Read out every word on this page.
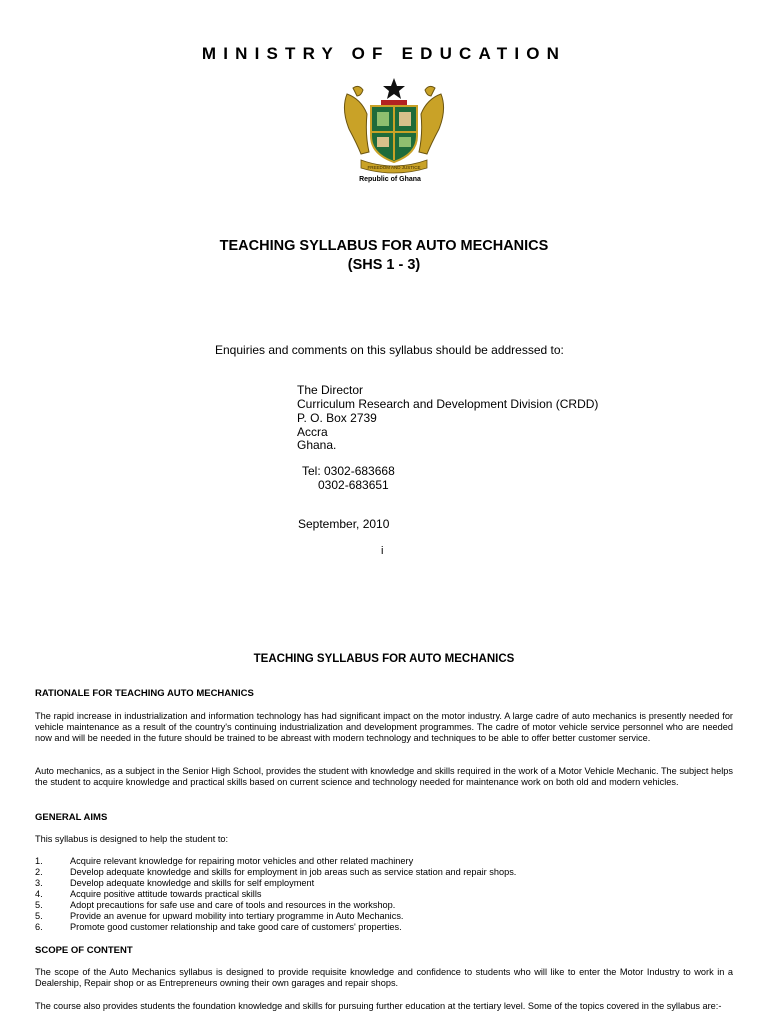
MINISTRY OF EDUCATION
FREEDOM AND JUSTICE
Republic of Ghana
TEACHING SYLLABUS FOR AUTO MECHANICS
(SHS 1 - 3)
Enquiries and comments on this syllabus should be addressed to:
The Director
Curriculum Research and Development Division (CRDD)
P. O. Box 2739
Accra
Ghana.
Tel: 0302-683668
0302-683651
September, 2010
i
TEACHING SYLLABUS FOR AUTO MECHANICS
RATIONALE FOR TEACHING AUTO MECHANICS
The rapid increase in industrialization and information technology has had significant impact on the motor industry. A large cadre of auto mechanics is presently needed for vehicle maintenance as a result of the country's continuing industrialization and development programmes. The cadre of motor vehicle service personnel who are needed now and will be needed in the future should be trained to be abreast with modern technology and techniques to be able to offer better customer service.
Auto mechanics, as a subject in the Senior High School, provides the student with knowledge and skills required in the work of a Motor Vehicle Mechanic. The subject helps the student to acquire knowledge and practical skills based on current science and technology needed for maintenance work on both old and modern vehicles.
GENERAL AIMS
This syllabus is designed to help the student to:
1.	Acquire relevant knowledge for repairing motor vehicles and other related machinery
2.	Develop adequate knowledge and skills for employment in job areas such as service station and repair shops.
3.	Develop adequate knowledge and skills for self employment
4.	Acquire positive attitude towards practical skills
5.	Adopt precautions for safe use and care of tools and resources in the workshop.
5.	Provide an avenue for upward mobility into tertiary programme in Auto Mechanics.
6.	Promote good customer relationship and take good care of customers' properties.
SCOPE OF CONTENT
The scope of the Auto Mechanics syllabus is designed to provide requisite knowledge and confidence to students who will like to enter the Motor Industry to work in a Dealership, Repair shop or as Entrepreneurs owning their own garages and repair shops.
The course also provides students the foundation knowledge and skills for pursuing further education at the tertiary level. Some of the topics covered in the syllabus are:-
